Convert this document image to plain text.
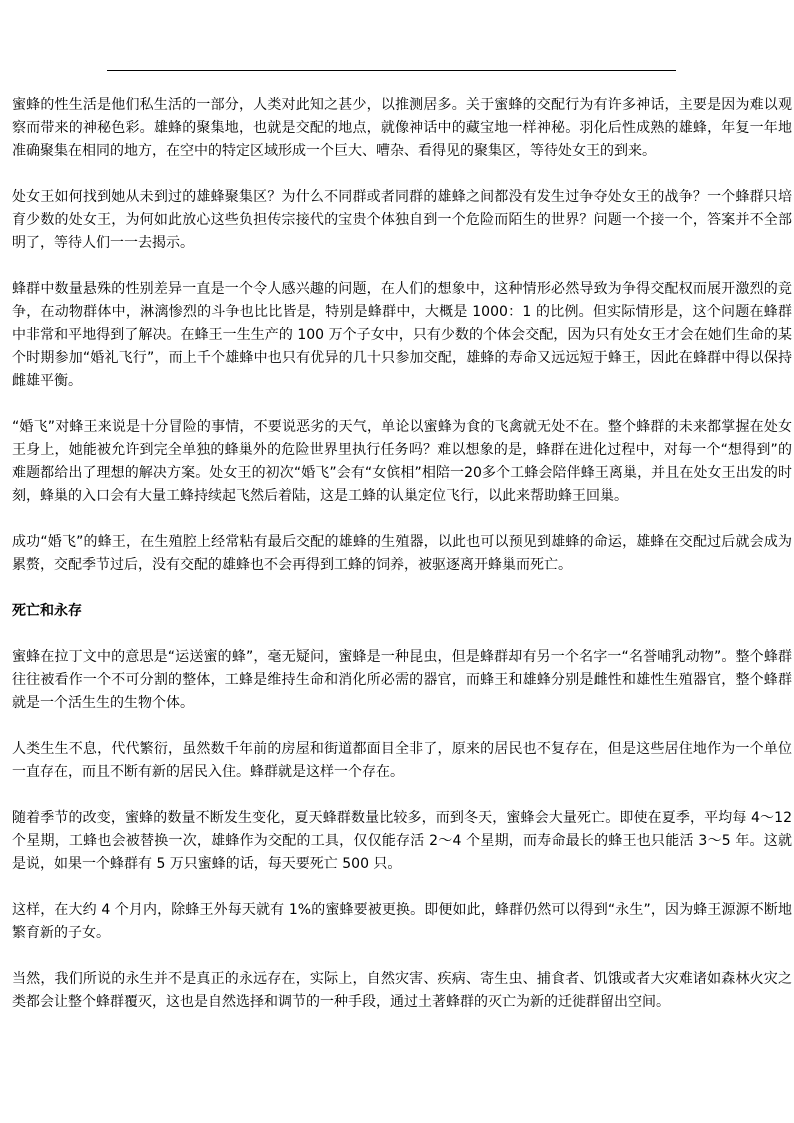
蜜蜂的性生活是他们私生活的一部分，人类对此知之甚少，以推测居多。关于蜜蜂的交配行为有许多神话，主要是因为难以观察而带来的神秘色彩。雄蜂的聚集地，也就是交配的地点，就像神话中的藏宝地一样神秘。羽化后性成熟的雄蜂，年复一年地准确聚集在相同的地方，在空中的特定区域形成一个巨大、嘈杂、看得见的聚集区，等待处女王的到来。

处女王如何找到她从未到过的雄蜂聚集区？为什么不同群或者同群的雄蜂之间都没有发生过争夺处女王的战争？一个蜂群只培育少数的处女王，为何如此放心这些负担传宗接代的宝贵个体独自到一个危险而陌生的世界？问题一个接一个，答案并不全部明了，等待人们一一去揭示。

蜂群中数量悬殊的性别差异一直是一个令人感兴趣的问题，在人们的想象中，这种情形必然导致为争得交配权而展开激烈的竞争，在动物群体中，淋漓惨烈的斗争也比比皆是，特别是蜂群中，大概是 1000：1 的比例。但实际情形是，这个问题在蜂群中非常和平地得到了解决。在蜂王一生生产的 100 万个子女中，只有少数的个体会交配，因为只有处女王才会在她们生命的某个时期参加“婚礼飞行”，而上千个雄蜂中也只有优异的几十只参加交配，雄蜂的寿命又远远短于蜂王，因此在蜂群中得以保持雌雄平衡。

“婚飞”对蜂王来说是十分冒险的事情，不要说恶劣的天气，单论以蜜蜂为食的飞禽就无处不在。整个蜂群的未来都掌握在处女王身上，她能被允许到完全单独的蜂巢外的危险世界里执行任务吗？难以想象的是，蜂群在进化过程中，对每一个“想得到”的难题都给出了理想的解决方案。处女王的初次“婚飞”会有“女傧相”相陪一20多个工蜂会陪伴蜂王离巢，并且在处女王出发的时刻，蜂巢的入口会有大量工蜂持续起飞然后着陆，这是工蜂的认巢定位飞行，以此来帮助蜂王回巢。

成功“婚飞”的蜂王，在生殖腔上经常粘有最后交配的雄蜂的生殖器，以此也可以预见到雄蜂的命运，雄蜂在交配过后就会成为累赘，交配季节过后，没有交配的雄蜂也不会再得到工蜂的饲养，被驱逐离开蜂巢而死亡。

死亡和永存

蜜蜂在拉丁文中的意思是“运送蜜的蜂”，毫无疑问，蜜蜂是一种昆虫，但是蜂群却有另一个名字一“名誉哺乳动物”。整个蜂群往往被看作一个不可分割的整体，工蜂是维持生命和消化所必需的器官，而蜂王和雄蜂分别是雌性和雄性生殖器官，整个蜂群就是一个活生生的生物个体。

人类生生不息，代代繁衍，虽然数千年前的房屋和街道都面目全非了，原来的居民也不复存在，但是这些居住地作为一个单位一直存在，而且不断有新的居民入住。蜂群就是这样一个存在。

随着季节的改变，蜜蜂的数量不断发生变化，夏天蜂群数量比较多，而到冬天，蜜蜂会大量死亡。即使在夏季，平均每 4～12 个星期，工蜂也会被替换一次，雄蜂作为交配的工具，仅仅能存活 2～4 个星期，而寿命最长的蜂王也只能活 3～5 年。这就是说，如果一个蜂群有 5 万只蜜蜂的话，每天要死亡 500 只。

这样，在大约 4 个月内，除蜂王外每天就有 1%的蜜蜂要被更换。即便如此，蜂群仍然可以得到“永生”，因为蜂王源源不断地繁育新的子女。

当然，我们所说的永生并不是真正的永远存在，实际上，自然灾害、疾病、寄生虫、捕食者、饥饿或者大灾难诸如森林火灾之类都会让整个蜂群覆灭，这也是自然选择和调节的一种手段，通过土著蜂群的灭亡为新的迁徙群留出空间。
